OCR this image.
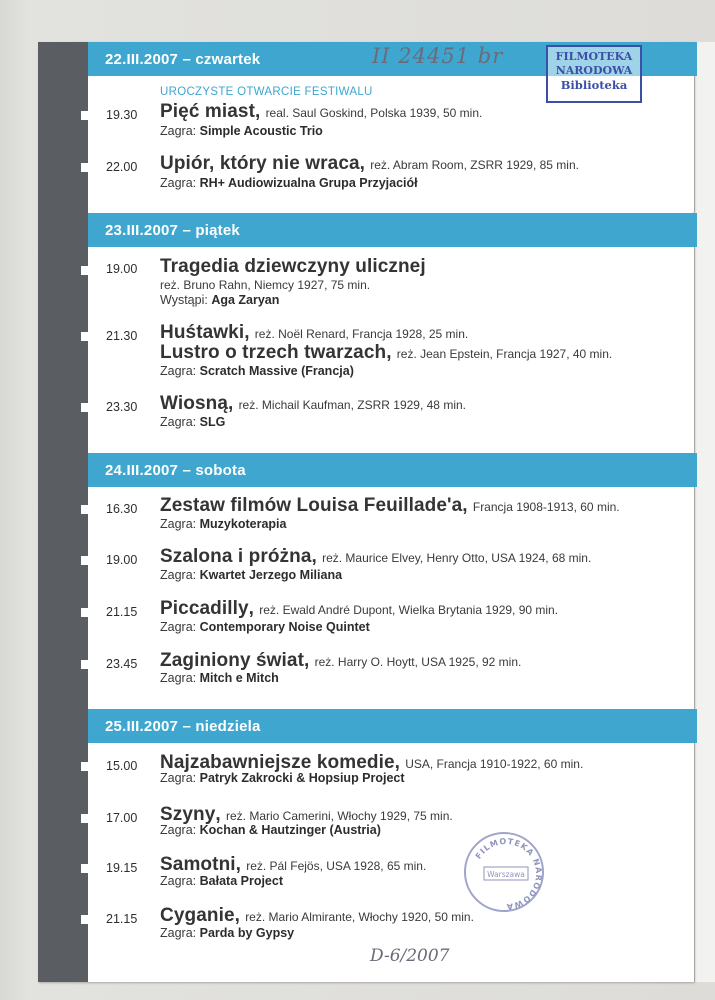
22.III.2007 – czwartek
UROCZYSTE OTWARCIE FESTIWALU
19.30 Pięć miast, real. Saul Goskind, Polska 1939, 50 min.
Zagra: Simple Acoustic Trio
22.00 Upiór, który nie wraca, reż. Abram Room, ZSRR 1929, 85 min.
Zagra: RH+ Audiowizualna Grupa Przyjaciół
23.III.2007 – piątek
19.00 Tragedia dziewczyny ulicznej
reż. Bruno Rahn, Niemcy 1927, 75 min.
Wystąpi: Aga Zaryan
21.30 Huśtawki, reż. Noël Renard, Francja 1928, 25 min.
Lustro o trzech twarzach, reż. Jean Epstein, Francja 1927, 40 min.
Zagra: Scratch Massive (Francja)
23.30 Wiosną, reż. Michail Kaufman, ZSRR 1929, 48 min.
Zagra: SLG
24.III.2007 – sobota
16.30 Zestaw filmów Louisa Feuillade'a, Francja 1908-1913, 60 min.
Zagra: Muzykoterapia
19.00 Szalona i próżna, reż. Maurice Elvey, Henry Otto, USA 1924, 68 min.
Zagra: Kwartet Jerzego Miliana
21.15 Piccadilly, reż. Ewald André Dupont, Wielka Brytania 1929, 90 min.
Zagra: Contemporary Noise Quintet
23.45 Zaginiony świat, reż. Harry O. Hoytt, USA 1925, 92 min.
Zagra: Mitch e Mitch
25.III.2007 – niedziela
15.00 Najzabawniejsze komedie, USA, Francja 1910-1922, 60 min.
Zagra: Patryk Zakrocki & Hopsiup Project
17.00 Szyny, reż. Mario Camerini, Włochy 1929, 75 min.
Zagra: Kochan & Hautzinger (Austria)
19.15 Samotni, reż. Pál Fejös, USA 1928, 65 min.
Zagra: Bałata Project
21.15 Cyganie, reż. Mario Almirante, Włochy 1920, 50 min.
Zagra: Parda by Gypsy
II 24451 br	FILMOTEKA
NARODOWA
Biblioteka
FILMOTEKA NARODOWA
Warszawa
D-6/2007
